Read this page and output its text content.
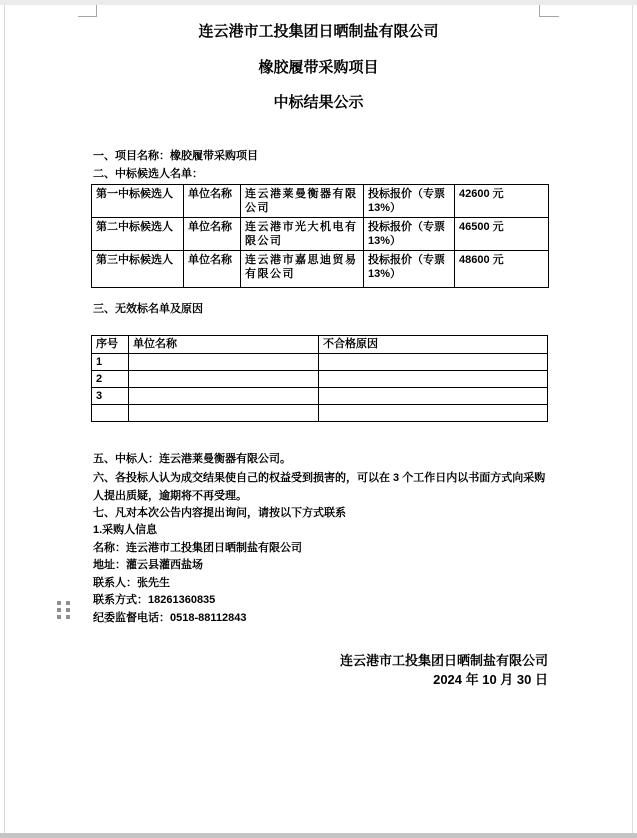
连云港市工投集团日晒制盐有限公司
橡胶履带采购项目
中标结果公示
一、项目名称：橡胶履带采购项目
二、中标候选人名单：
第一中标候选人	单位名称	连云港莱曼衡器有限公司	投标报价（专票13%）	42600 元
第二中标候选人	单位名称	连云港市光大机电有限公司	投标报价（专票13%）	46500 元
第三中标候选人	单位名称	连云港市嘉思迪贸易有限公司	投标报价（专票13%）	48600 元
三、无效标名单及原因
序号	单位名称	不合格原因
1		
2		
3		

五、中标人：连云港莱曼衡器有限公司。
六、各投标人认为成交结果使自己的权益受到损害的，可以在 3 个工作日内以书面方式向采购人提出质疑，逾期将不再受理。
七、凡对本次公告内容提出询问，请按以下方式联系
1.采购人信息
名称：连云港市工投集团日晒制盐有限公司
地址：灌云县灌西盐场
联系人：张先生
联系方式：18261360835
纪委监督电话：0518-88112843
连云港市工投集团日晒制盐有限公司
2024 年 10 月 30 日
